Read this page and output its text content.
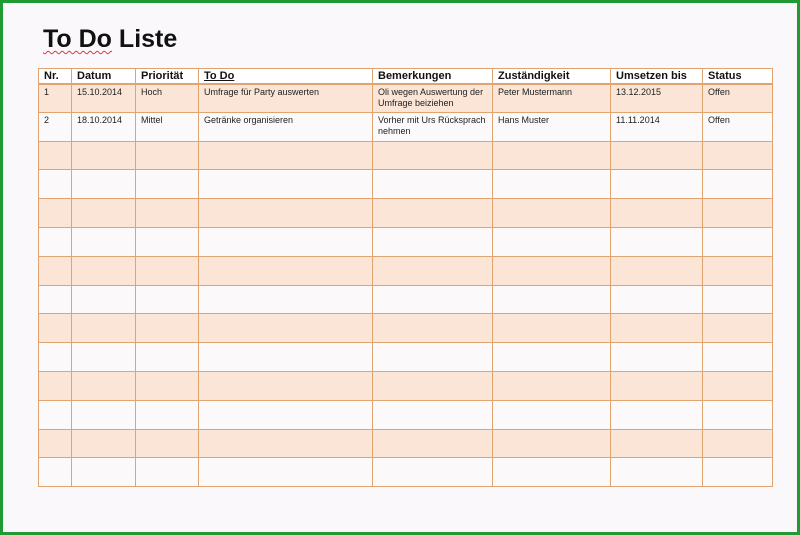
To Do Liste
Nr.	Datum	Priorität	To Do	Bemerkungen	Zuständigkeit	Umsetzen bis	Status
1	15.10.2014	Hoch	Umfrage für Party auswerten	Oli wegen Auswertung der Umfrage beiziehen	Peter Mustermann	13.12.2015	Offen
2	18.10.2014	Mittel	Getränke organisieren	Vorher mit Urs Rücksprach nehmen	Hans Muster	11.11.2014	Offen
